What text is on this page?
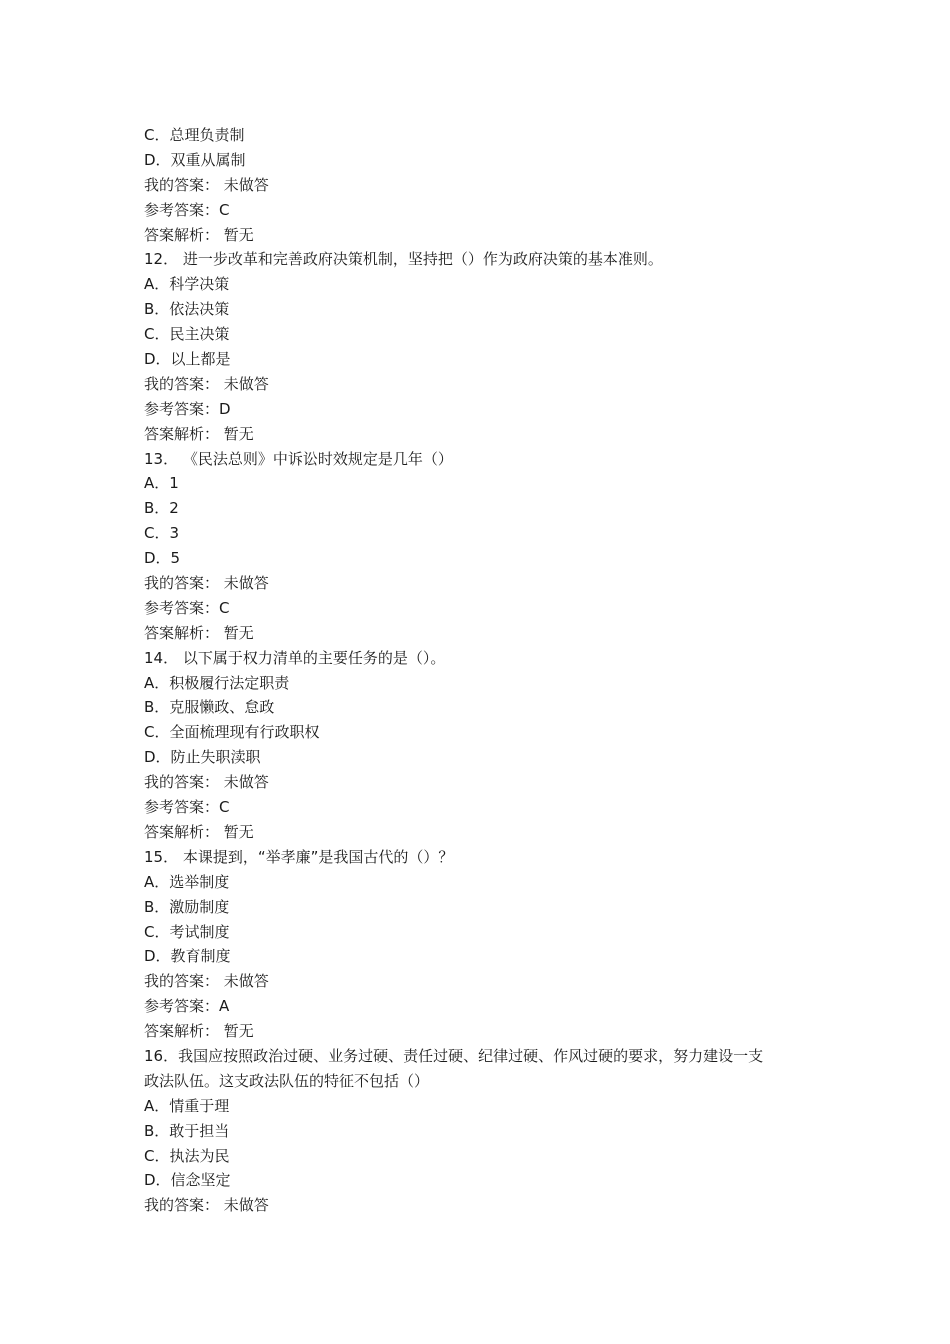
C．总理负责制
D．双重从属制
我的答案： 未做答
参考答案：C
答案解析： 暂无
12． 进一步改革和完善政府决策机制，坚持把（）作为政府决策的基本准则。
A．科学决策
B．依法决策
C．民主决策
D．以上都是
我的答案： 未做答
参考答案：D
答案解析： 暂无
13． 《民法总则》中诉讼时效规定是几年（）
A．1
B．2
C．3
D．5
我的答案： 未做答
参考答案：C
答案解析： 暂无
14． 以下属于权力清单的主要任务的是（）。
A．积极履行法定职责
B．克服懒政、怠政
C．全面梳理现有行政职权
D．防止失职渎职
我的答案： 未做答
参考答案：C
答案解析： 暂无
15． 本课提到，“举孝廉”是我国古代的（）？
A．选举制度
B．激励制度
C．考试制度
D．教育制度
我的答案： 未做答
参考答案：A
答案解析： 暂无
16．我国应按照政治过硬、业务过硬、责任过硬、纪律过硬、作风过硬的要求，努力建设一支
政法队伍。这支政法队伍的特征不包括（）
A．情重于理
B．敢于担当
C．执法为民
D．信念坚定
我的答案： 未做答
